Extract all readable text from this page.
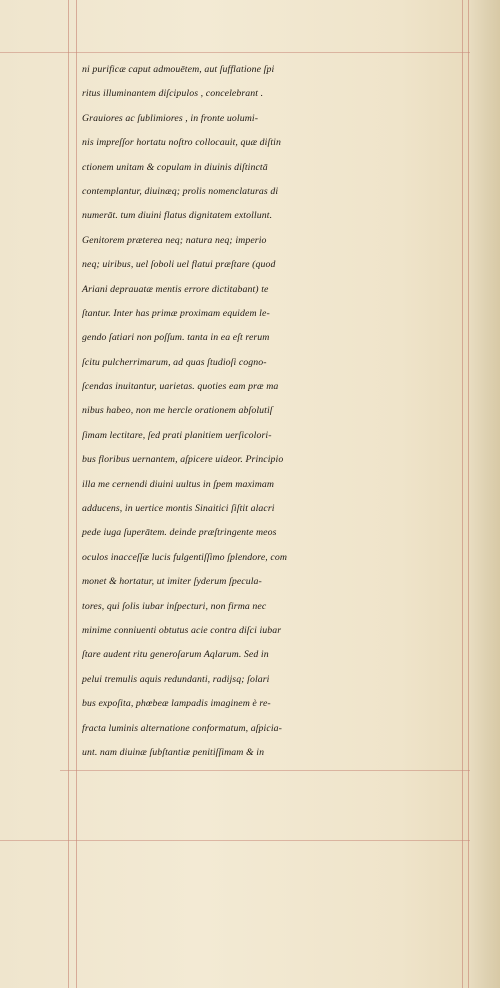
ni purificæ caput admouētem, aut ſufflatione ſpi
ritus illuminantem diſcipulos , concelebrant .
Grauiores ac ſublimiores , in fronte uolumi-
nis impreſſor hortatu noſtro collocauit, quæ diſtin
ctionem unitam & copulam in diuinis diſtinctā
contemplantur, diuinæq; prolis nomenclaturas di
numerāt. tum diuini flatus dignitatem extollunt.
Genitorem præterea neq; natura neq; imperio
neq; uiribus, uel ſoboli uel flatui præſtare (quod
Ariani deprauatæ mentis errore dictitabant) te
ſtantur. Inter has primæ proximam equidem le-
gendo ſatiari non poſſum. tanta in ea eſt rerum
ſcitu pulcherrimarum, ad quas ſtudioſi cogno-
ſcendas inuitantur, uarietas. quoties eam præ ma
nibus habeo, non me hercle orationem abſolutiſ
ſimam lectitare, ſed prati planitiem uerſicolori-
bus floribus uernantem, aſpicere uideor. Principio
illa me cernendi diuini uultus in ſpem maximam
adducens, in uertice montis Sinaitici ſiſtit alacri
pede iuga ſuperātem. deinde præſtringente meos
oculos inacceſſæ lucis fulgentiſſimo ſplendore, com
monet & hortatur, ut imiter ſyderum ſpecula-
tores, qui ſolis iubar inſpecturi, non firma nec
minime conniuenti obtutus acie contra diſci iubar
ſtare audent ritu generoſarum Aqlarum. Sed in
pelui tremulis aquis redundanti, radijsq; ſolari
bus expoſita, phœbeæ lampadis imaginem è re-
fracta luminis alternatione conformatum, aſpicia-
unt. nam diuinæ ſubſtantiæ penitiſſimam & in
